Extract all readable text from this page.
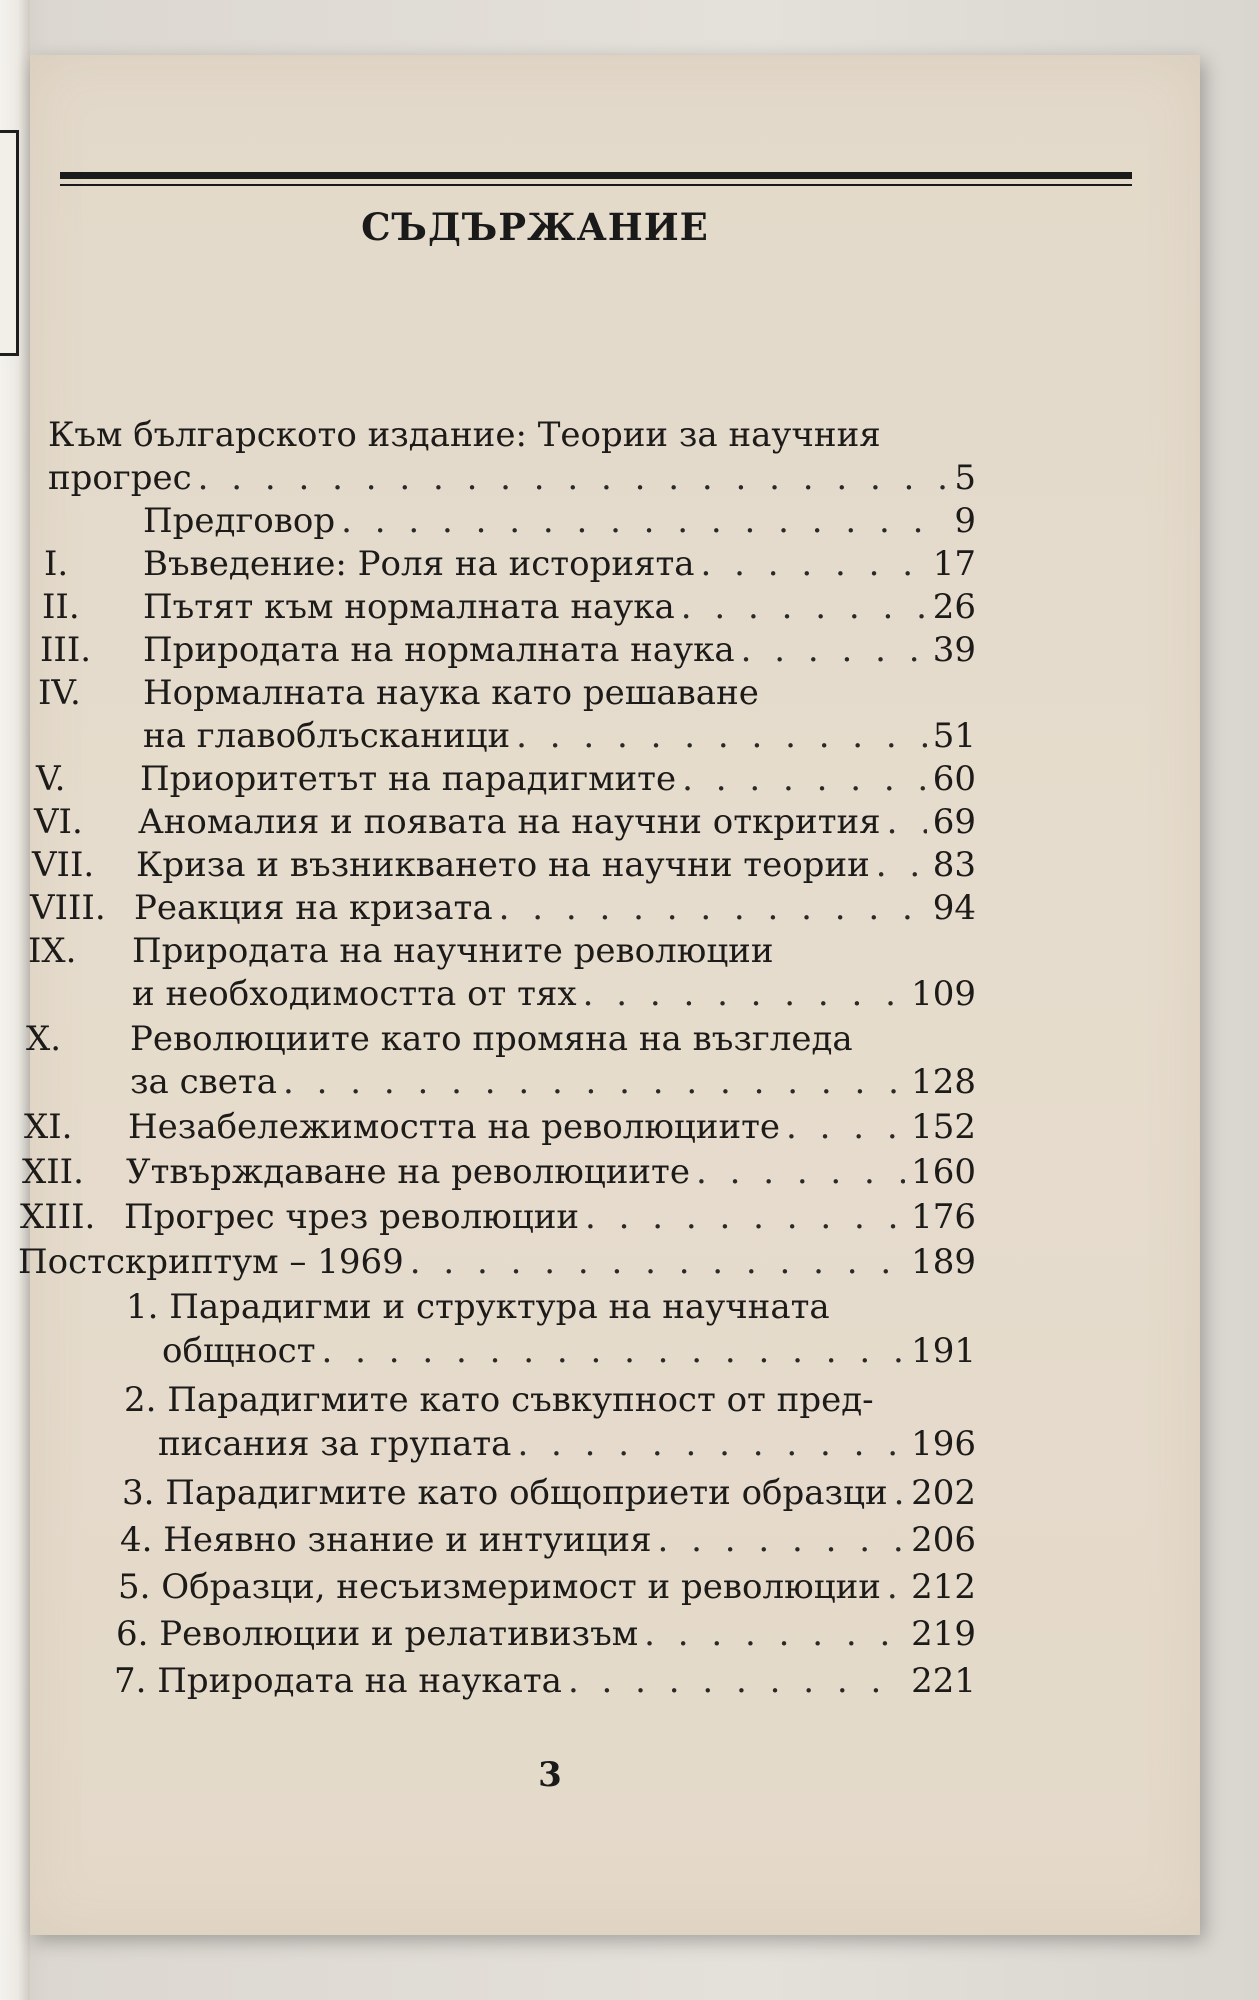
СЪДЪРЖАНИЕ
Към българското издание: Теории за научния
прогрес . . .	5
Предговор . . .	9
I.	Въведение: Роля на историята . . .	17
II.	Пътят към нормалната наука . . .	26
III.	Природата на нормалната наука . . .	39
IV.	Нормалната наука като решаване
на главоблъсканици . . .	51
V.	Приоритетът на парадигмите . . .	60
VI.	Аномалия и появата на научни открития . . . 69
VII.	Криза и възникването на научни теории . . . 83
VIII. Реакция на кризата . . .	94
IX.	Природата на научните революции
и необходимостта от тях . . .	109
X.	Революциите като промяна на възгледа
за света . . .	128
XI.	Незабележимостта на революциите . . .	152
XII.	Утвърждаване на революциите . . .	160
XIII. Прогрес чрез революции . . .	176
Постскриптум – 1969 . . .	189
1. Парадигми и структура на научната
общност . . .	191
2. Парадигмите като съвкупност от пред-
писания за групата . . .	196
3. Парадигмите като общоприети образци . . . 202
4. Неявно знание и интуиция . . .	206
5. Образци, несъизмеримост и революции . . . 212
6. Революции и релативизъм . . .	219
7. Природата на науката . . .	221
3
